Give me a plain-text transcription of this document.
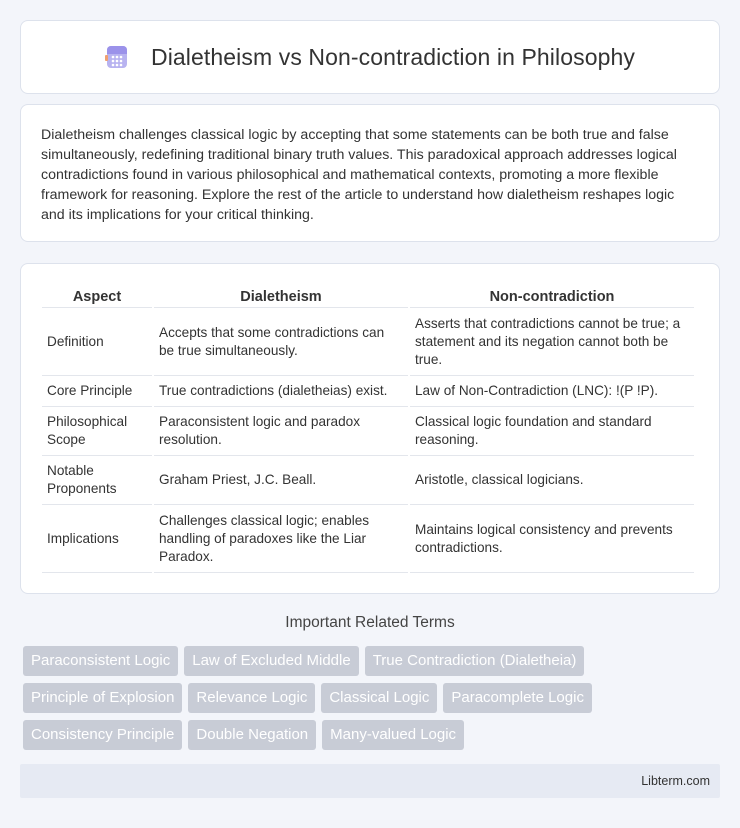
Dialetheism vs Non-contradiction in Philosophy

Dialetheism challenges classical logic by accepting that some statements can be both true and false simultaneously, redefining traditional binary truth values. This paradoxical approach addresses logical contradictions found in various philosophical and mathematical contexts, promoting a more flexible framework for reasoning. Explore the rest of the article to understand how dialetheism reshapes logic and its implications for your critical thinking.

Aspect	Dialetheism	Non-contradiction
Definition	Accepts that some contradictions can be true simultaneously.	Asserts that contradictions cannot be true; a statement and its negation cannot both be true.
Core Principle	True contradictions (dialetheias) exist.	Law of Non-Contradiction (LNC): !(P !P).
Philosophical Scope	Paraconsistent logic and paradox resolution.	Classical logic foundation and standard reasoning.
Notable Proponents	Graham Priest, J.C. Beall.	Aristotle, classical logicians.
Implications	Challenges classical logic; enables handling of paradoxes like the Liar Paradox.	Maintains logical consistency and prevents contradictions.
Important Related Terms
Paraconsistent Logic	Law of Excluded Middle	True Contradiction (Dialetheia)
Principle of Explosion	Relevance Logic	Classical Logic	Paracomplete Logic
Consistency Principle	Double Negation	Many-valued Logic
Libterm.com
